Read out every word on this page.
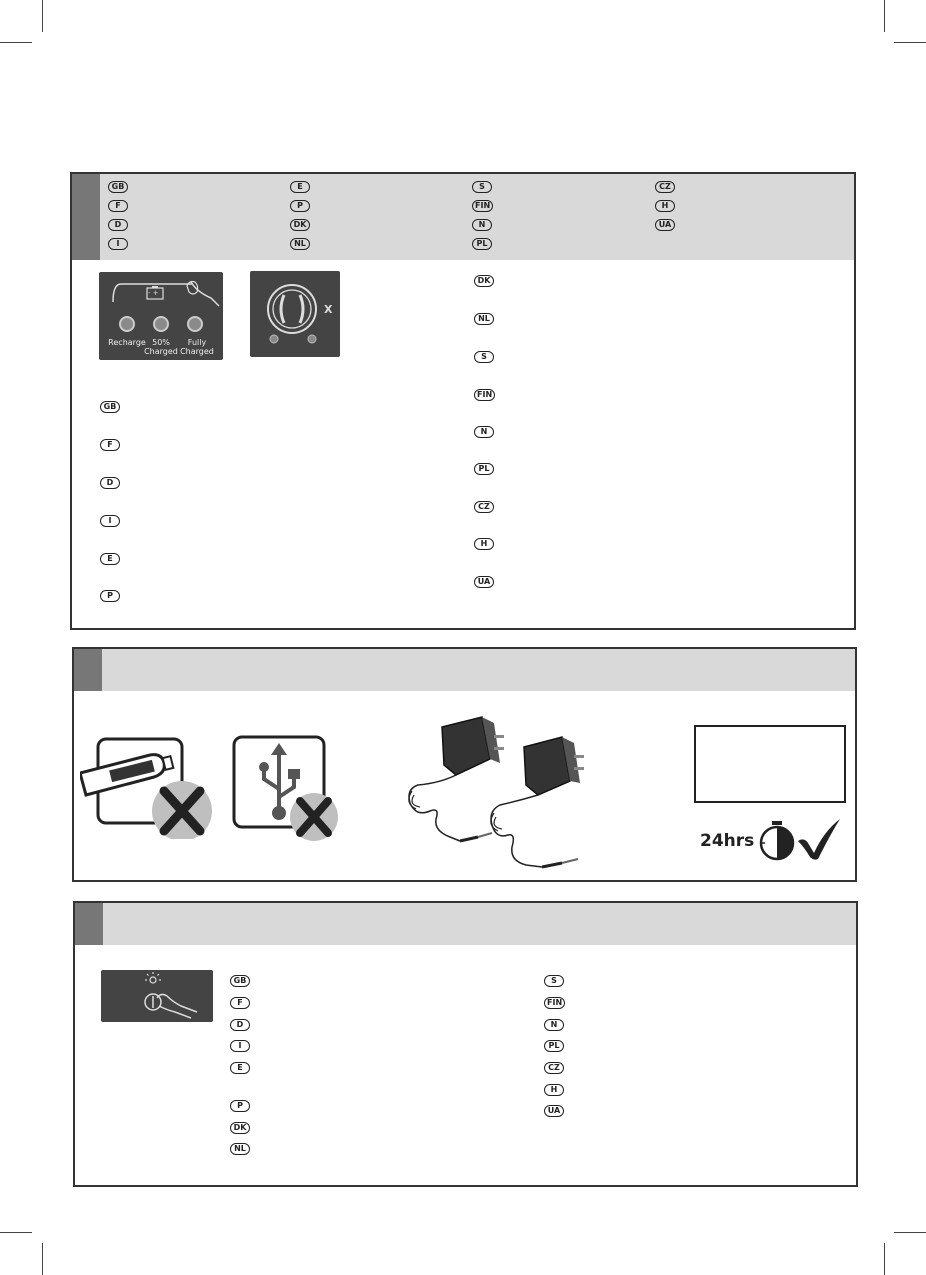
GB
F
D
I
E
P
DK
NL
S
FIN
N
PL
CZ
H
UA
- +
Recharge 50%
Charged
Fully
Charged
X
GB
F
D
I
E
P
DK
NL
S
FIN
N
PL
CZ
H
UA
24hrs
GB
F
D
I
E
P
DK
NL
S
FIN
N
PL
CZ
H
UA
